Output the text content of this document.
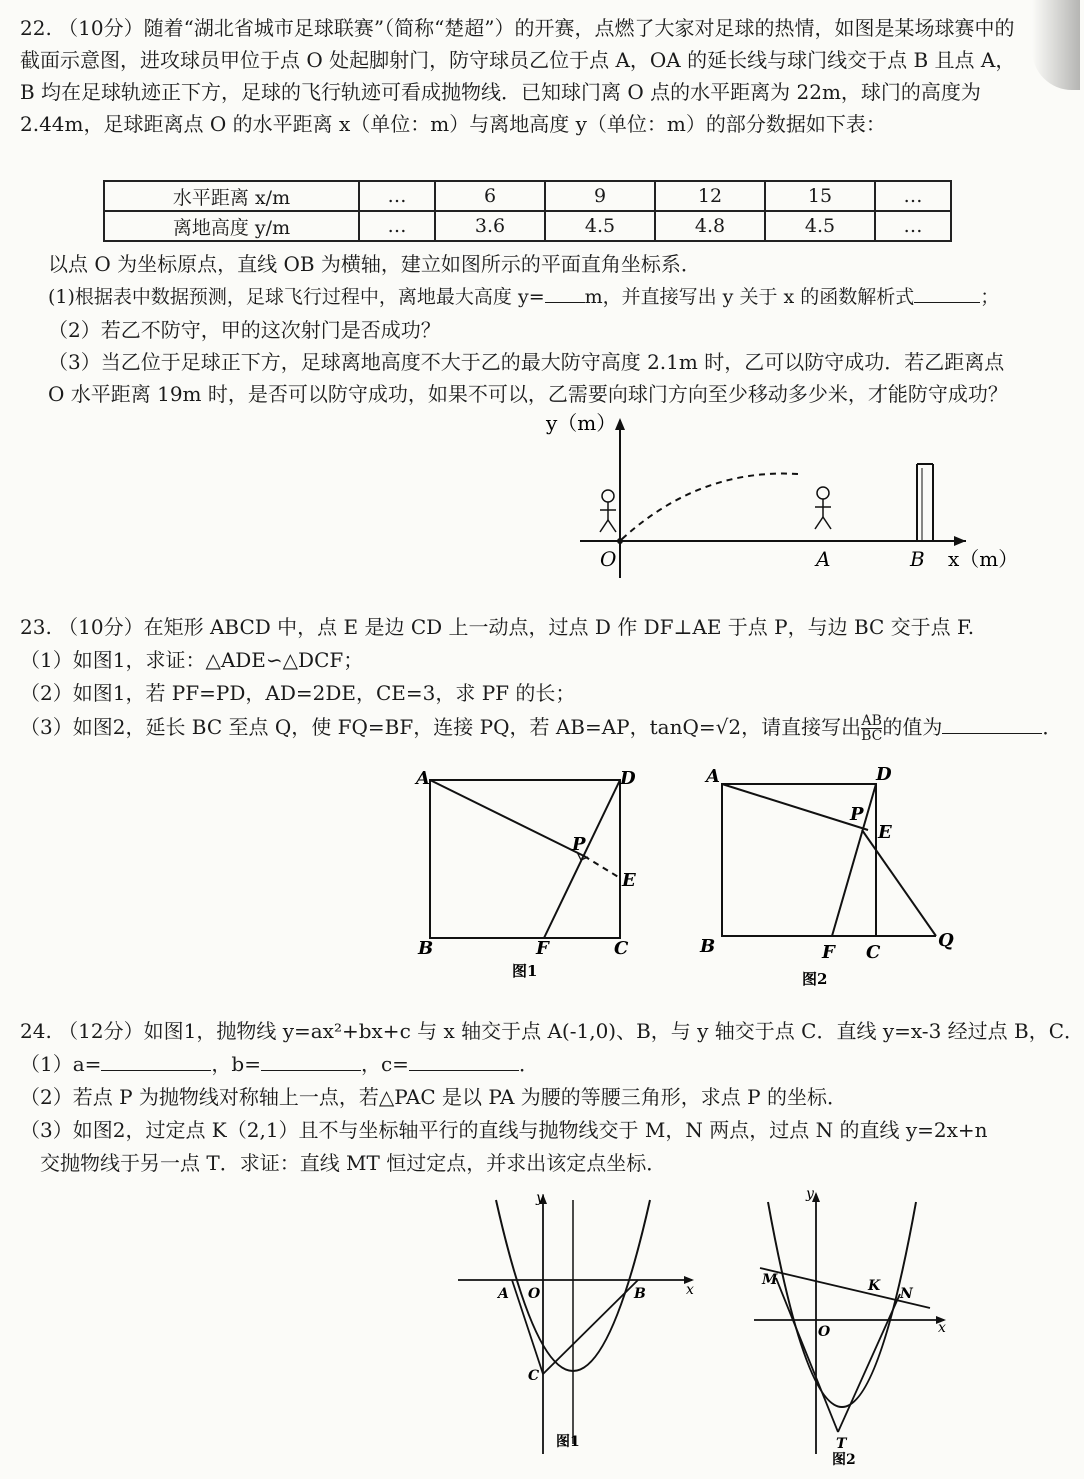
22. （10分）随着“湖北省城市足球联赛”（简称“楚超”）的开赛，点燃了大家对足球的热情，如图是某场球赛中的截面示意图，进攻球员甲位于点 O 处起脚射门，防守球员乙位于点 A，OA 的延长线与球门线交于点 B 且点 A，B 均在足球轨迹正下方，足球的飞行轨迹可看成抛物线．已知球门离 O 点的水平距离为 22m，球门的高度为 2.44m，足球距离点 O 的水平距离 x（单位：m）与离地高度 y（单位：m）的部分数据如下表：
水平距离 x/m	…	6	9	12	15	…
离地高度 y/m	…	3.6	4.5	4.8	4.5	…
以点 O 为坐标原点，直线 OB 为横轴，建立如图所示的平面直角坐标系．
(1)根据表中数据预测，足球飞行过程中，离地最大高度 y= m，并直接写出 y 关于 x 的函数解析式	；
（2）若乙不防守，甲的这次射门是否成功？
（3）当乙位于足球正下方，足球离地高度不大于乙的最大防守高度 2.1m 时，乙可以防守成功．若乙距离点 O 水平距离 19m 时，是否可以防守成功，如果不可以，乙需要向球门方向至少移动多少米，才能防守成功？
y（m）
O	A	B x（m）
23. （10分）在矩形 ABCD 中，点 E 是边 CD 上一动点，过点 D 作 DF⊥AE 于点 P，与边 BC 交于点 F.
（1）如图1，求证：△ADE∽△DCF；
（2）如图1，若 PF=PD，AD=2DE，CE=3，求 PF 的长；
（3）如图2，延长 BC 至点 Q，使 FQ=BF，连接 PQ，若 AB=AP，tanQ=√2，请直接写出 $\frac{AB}{BC}$ 的值为	．
A	D
B	C
P
E
F
图1
A	D
P
E
B	F C
Q
图2
24. （12分）如图1，抛物线 y=ax²+bx+c 与 x 轴交于点 A(-1,0)、B，与 y 轴交于点 C．直线 y=x-3 经过点 B，C．
（1）a=	，b=	，c=	．
（2）若点 P 为抛物线对称轴上一点，若△PAC 是以 PA 为腰的等腰三角形，求点 P 的坐标．
（3）如图2，过定点 K（2,1）且不与坐标轴平行的直线与抛物线交于 M，N 两点，过点 N 的直线 y=2x+n
交抛物线于另一点 T．求证：直线 MT 恒过定点，并求出该定点坐标．
y
x
A O	B
C
图1
y
x
M	K N
O
T
图2
